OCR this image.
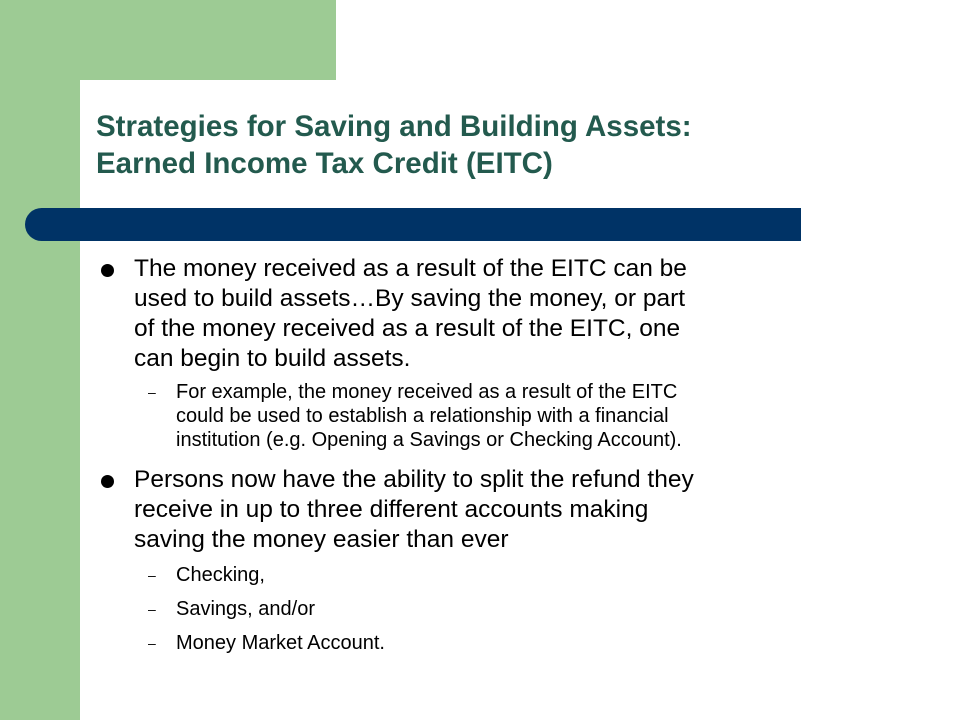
Strategies for Saving and Building Assets:
Earned Income Tax Credit (EITC)
The money received as a result of the EITC can be
used to build assets…By saving the money, or part
of the money received as a result of the EITC, one
can begin to build assets.
– For example, the money received as a result of the EITC
could be used to establish a relationship with a financial
institution (e.g. Opening a Savings or Checking Account).
Persons now have the ability to split the refund they
receive in up to three different accounts making
saving the money easier than ever
– Checking,
– Savings, and/or
– Money Market Account.
